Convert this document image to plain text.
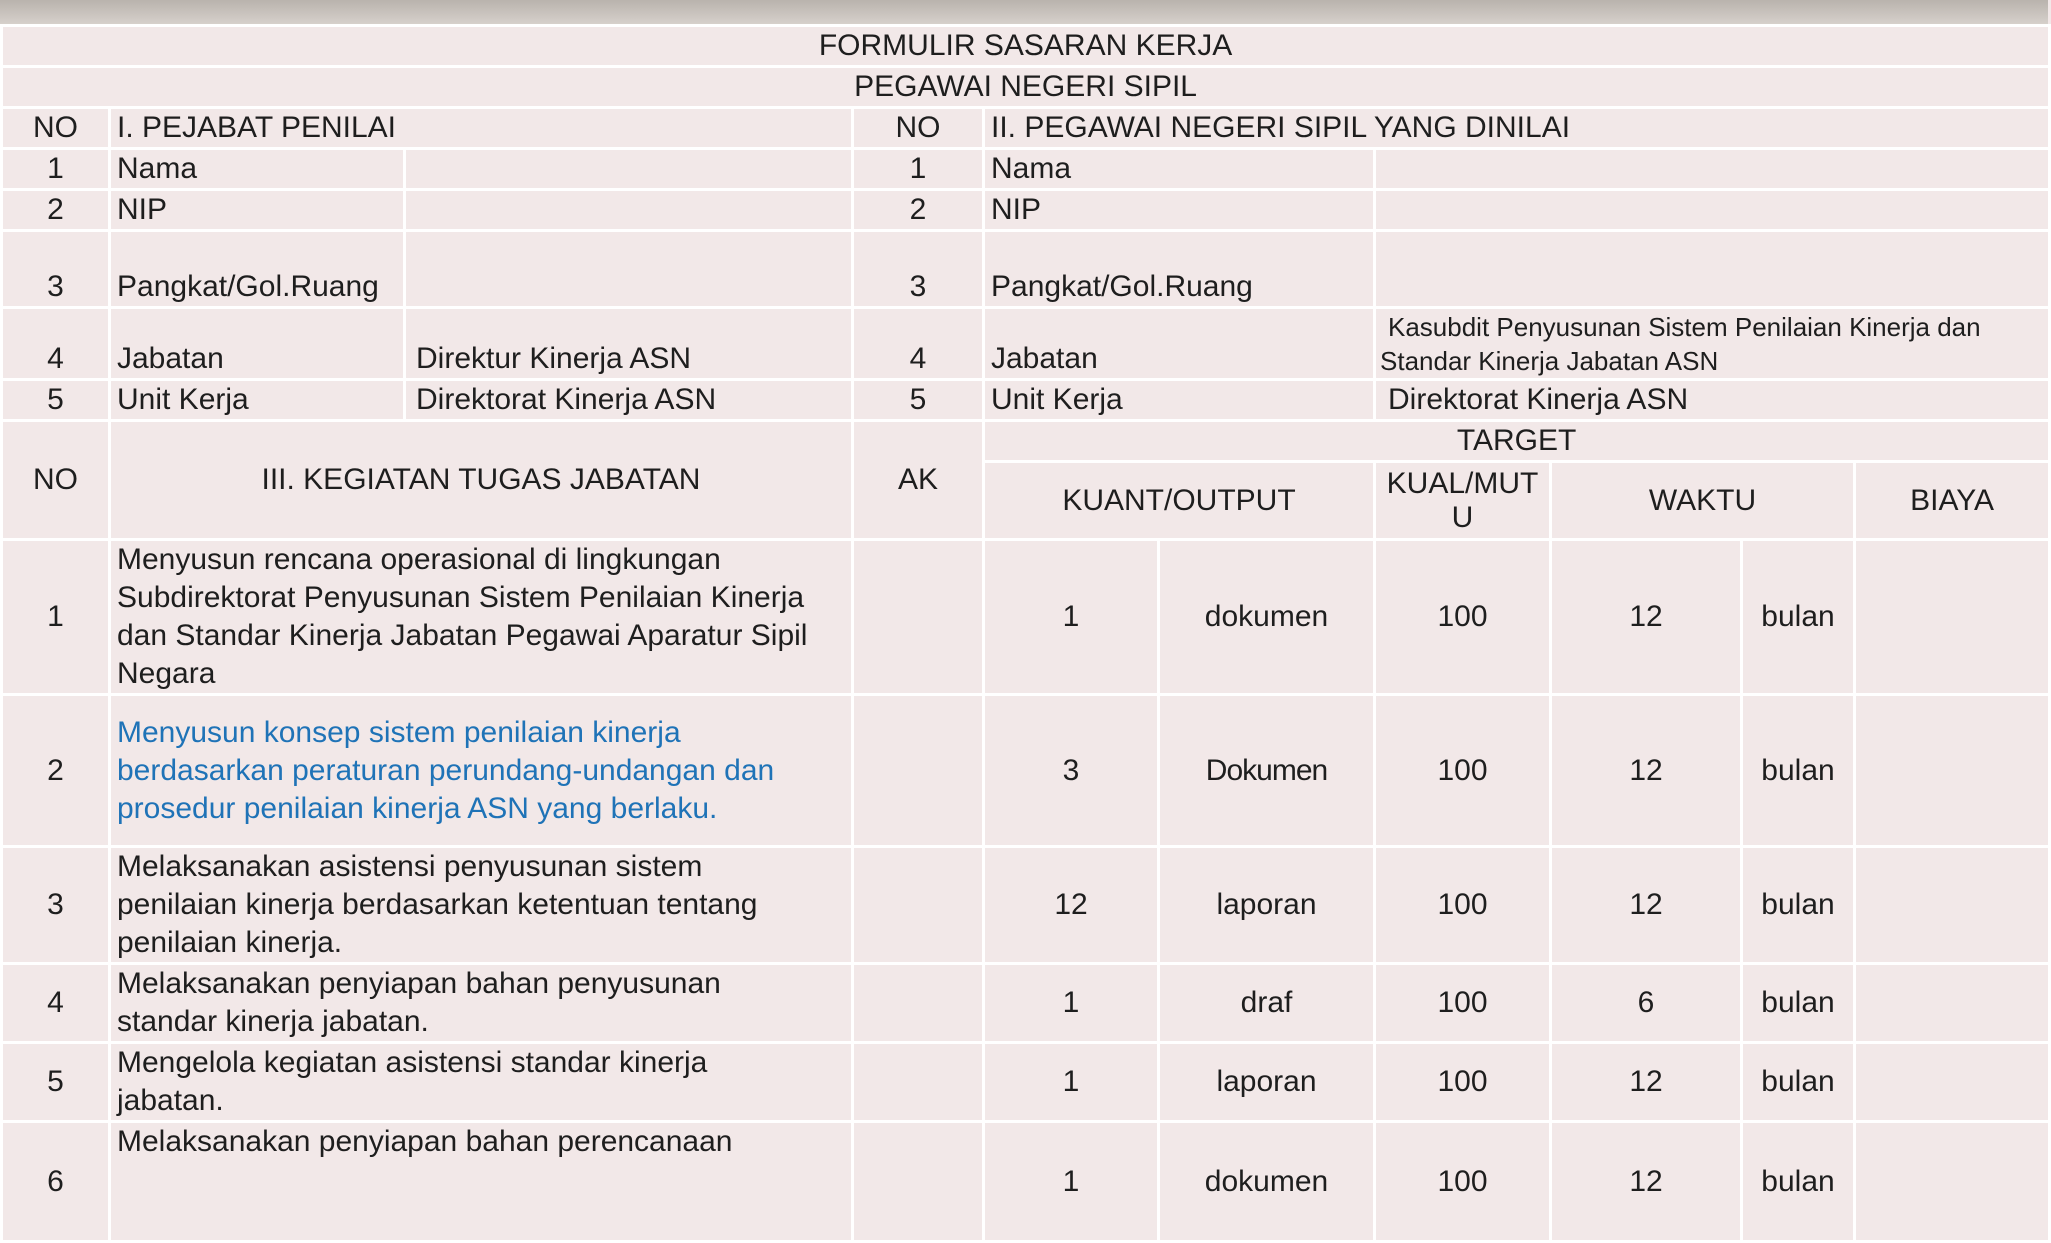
FORMULIR SASARAN KERJA									
PEGAWAI NEGERI SIPIL									
NO	I. PEJABAT PENILAI		NO	II. PEGAWAI NEGERI SIPIL YANG DINILAI					
1	Nama		1	Nama					
2	NIP		2	NIP					
3	Pangkat/Gol.Ruang		3	Pangkat/Gol.Ruang					
4	Jabatan	Direktur Kinerja ASN	4	Jabatan		Kasubdit Penyusunan Sistem Penilaian Kinerja dan Standar Kinerja Jabatan ASN			
5	Unit Kerja	Direktorat Kinerja ASN	5	Unit Kerja		Direktorat Kinerja ASN			
NO	III. KEGIATAN TUGAS JABATAN		AK	TARGET					
				KUANT/OUTPUT		KUAL/MUTU	WAKTU		BIAYA
1	Menyusun rencana operasional di lingkungan Subdirektorat Penyusunan Sistem Penilaian Kinerja dan Standar Kinerja Jabatan Pegawai Aparatur Sipil Negara			1	dokumen	100	12	bulan	
2	Menyusun konsep sistem penilaian kinerja berdasarkan peraturan perundang-undangan dan prosedur penilaian kinerja ASN yang berlaku.			3	Dokumen	100	12	bulan	
3	Melaksanakan asistensi penyusunan sistem penilaian kinerja berdasarkan ketentuan tentang penilaian kinerja.			12	laporan	100	12	bulan	
4	Melaksanakan penyiapan bahan penyusunan standar kinerja jabatan.			1	draf	100	6	bulan	
5	Mengelola kegiatan asistensi standar kinerja jabatan.			1	laporan	100	12	bulan	
6	Melaksanakan penyiapan bahan perencanaan			1	dokumen	100	12	bulan	
